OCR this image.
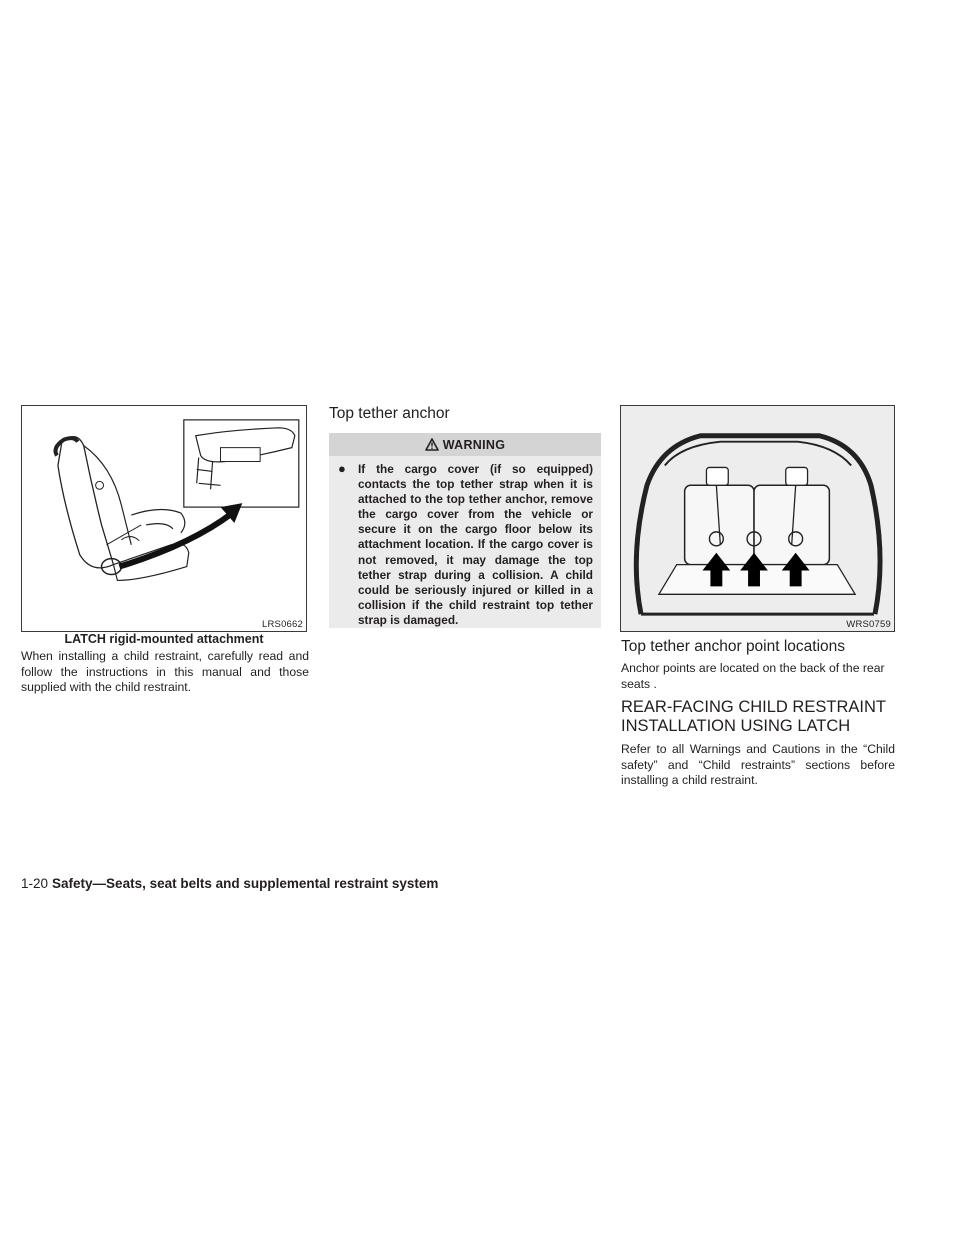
LRS0662
LATCH rigid-mounted attachment

When installing a child restraint, carefully read and follow the instructions in this manual and those supplied with the child restraint.

Top tether anchor
WARNING
● If the cargo cover (if so equipped) contacts the top tether strap when it is attached to the top tether anchor, remove the cargo cover from the vehicle or secure it on the cargo floor below its attachment location. If the cargo cover is not removed, it may damage the top tether strap during a collision. A child could be seriously injured or killed in a collision if the child restraint top tether strap is damaged.	WRS0759
Top tether anchor point locations

Anchor points are located on the back of the rear seats .

REAR-FACING CHILD RESTRAINT
INSTALLATION USING LATCH

Refer to all Warnings and Cautions in the “Child safety” and “Child restraints” sections before installing a child restraint.

1-20 Safety—Seats, seat belts and supplemental restraint system
